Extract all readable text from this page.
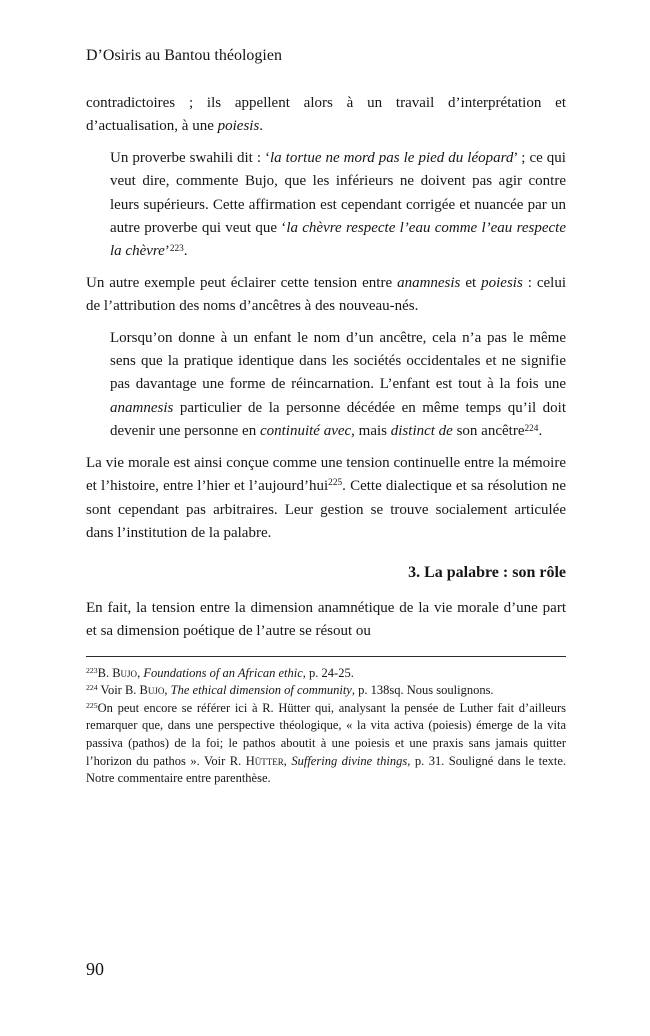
D’Osiris au Bantou théologien

contradictoires ; ils appellent alors à un travail d’interprétation et d’actualisation, à une poiesis.

Un proverbe swahili dit : ‘la tortue ne mord pas le pied du léopard’ ; ce qui veut dire, commente Bujo, que les inférieurs ne doivent pas agir contre leurs supérieurs. Cette affirmation est cependant corrigée et nuancée par un autre proverbe qui veut que ‘la chèvre respecte l’eau comme l’eau respecte la chèvre’$^{223}$.

Un autre exemple peut éclairer cette tension entre anamnesis et poiesis : celui de l’attribution des noms d’ancêtres à des nouveau-nés.

Lorsqu’on donne à un enfant le nom d’un ancêtre, cela n’a pas le même sens que la pratique identique dans les sociétés occidentales et ne signifie pas davantage une forme de réincarnation. L’enfant est tout à la fois une anamnesis particulier de la personne décédée en même temps qu’il doit devenir une personne en continuité avec, mais distinct de son ancêtre$^{224}$.

La vie morale est ainsi conçue comme une tension continuelle entre la mémoire et l’histoire, entre l’hier et l’aujourd’hui$^{225}$. Cette dialectique et sa résolution ne sont cependant pas arbitraires. Leur gestion se trouve socialement articulée dans l’institution de la palabre.

3. La palabre : son rôle

En fait, la tension entre la dimension anamnétique de la vie morale d’une part et sa dimension poétique de l’autre se résout ou

$^{223}$B. Bujo, Foundations of an African ethic, p. 24-25.

$^{224}$ Voir B. Bujo, The ethical dimension of community, p. 138sq. Nous soulignons.

$^{225}$On peut encore se référer ici à R. Hütter qui, analysant la pensée de Luther fait d’ailleurs remarquer que, dans une perspective théologique, « la vita activa (poiesis) émerge de la vita passiva (pathos) de la foi; le pathos aboutit à une poiesis et une praxis sans jamais quitter l’horizon du pathos ». Voir R. Hütter, Suffering divine things, p. 31. Souligné dans le texte. Notre commentaire entre parenthèse.

90
